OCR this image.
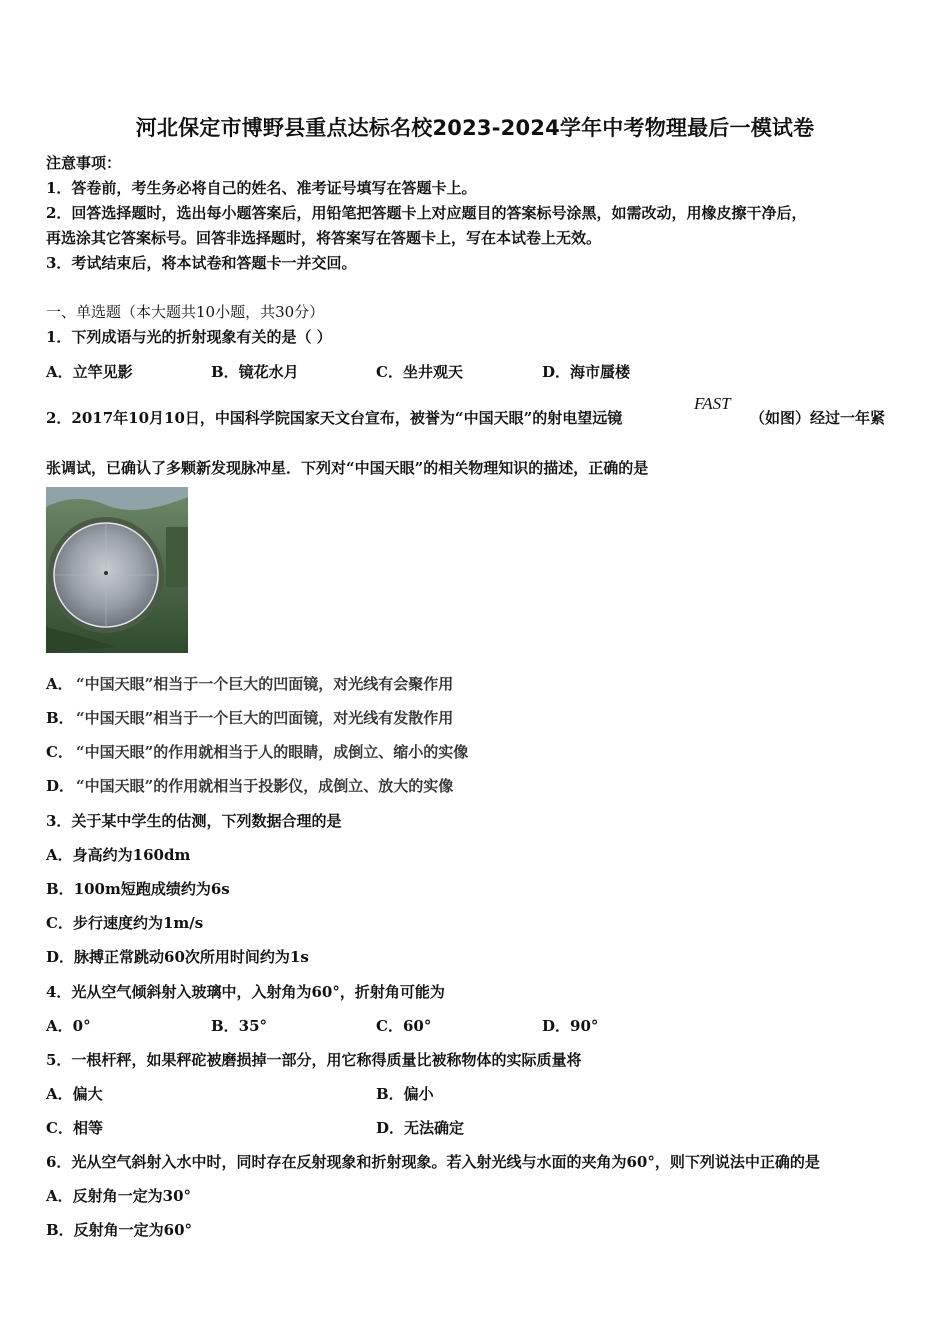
河北保定市博野县重点达标名校2023-2024学年中考物理最后一模试卷
注意事项：
1．答卷前，考生务必将自己的姓名、准考证号填写在答题卡上。
2．回答选择题时，选出每小题答案后，用铅笔把答题卡上对应题目的答案标号涂黑，如需改动，用橡皮擦干净后，
再选涂其它答案标号。回答非选择题时，将答案写在答题卡上，写在本试卷上无效。
3．考试结束后，将本试卷和答题卡一并交回。
一、单选题（本大题共10小题，共30分）
1．下列成语与光的折射现象有关的是（ ）
A．立竿见影	B．镜花水月	C．坐井观天	D．海市蜃楼
2．2017年10月10日，中国科学院国家天文台宣布，被誉为“中国天眼”的射电望远镜
FAST
（如图）经过一年紧
张调试，已确认了多颗新发现脉冲星．下列对“中国天眼”的相关物理知识的描述，正确的是
A． “中国天眼”相当于一个巨大的凹面镜，对光线有会聚作用
B． “中国天眼”相当于一个巨大的凹面镜，对光线有发散作用
C． “中国天眼”的作用就相当于人的眼睛，成倒立、缩小的实像
D． “中国天眼”的作用就相当于投影仪，成倒立、放大的实像
3．关于某中学生的估测，下列数据合理的是
A．身高约为160dm
B．100m短跑成绩约为6s
C．步行速度约为1m/s
D．脉搏正常跳动60次所用时间约为1s
4．光从空气倾斜射入玻璃中，入射角为60°，折射角可能为
A．0°	B．35°	C．60°	D．90°
5．一根杆秤，如果秤砣被磨损掉一部分，用它称得质量比被称物体的实际质量将
A．偏大	B．偏小
C．相等	D．无法确定
6．光从空气斜射入水中时，同时存在反射现象和折射现象。若入射光线与水面的夹角为60°，则下列说法中正确的是
A．反射角一定为30°
B．反射角一定为60°
